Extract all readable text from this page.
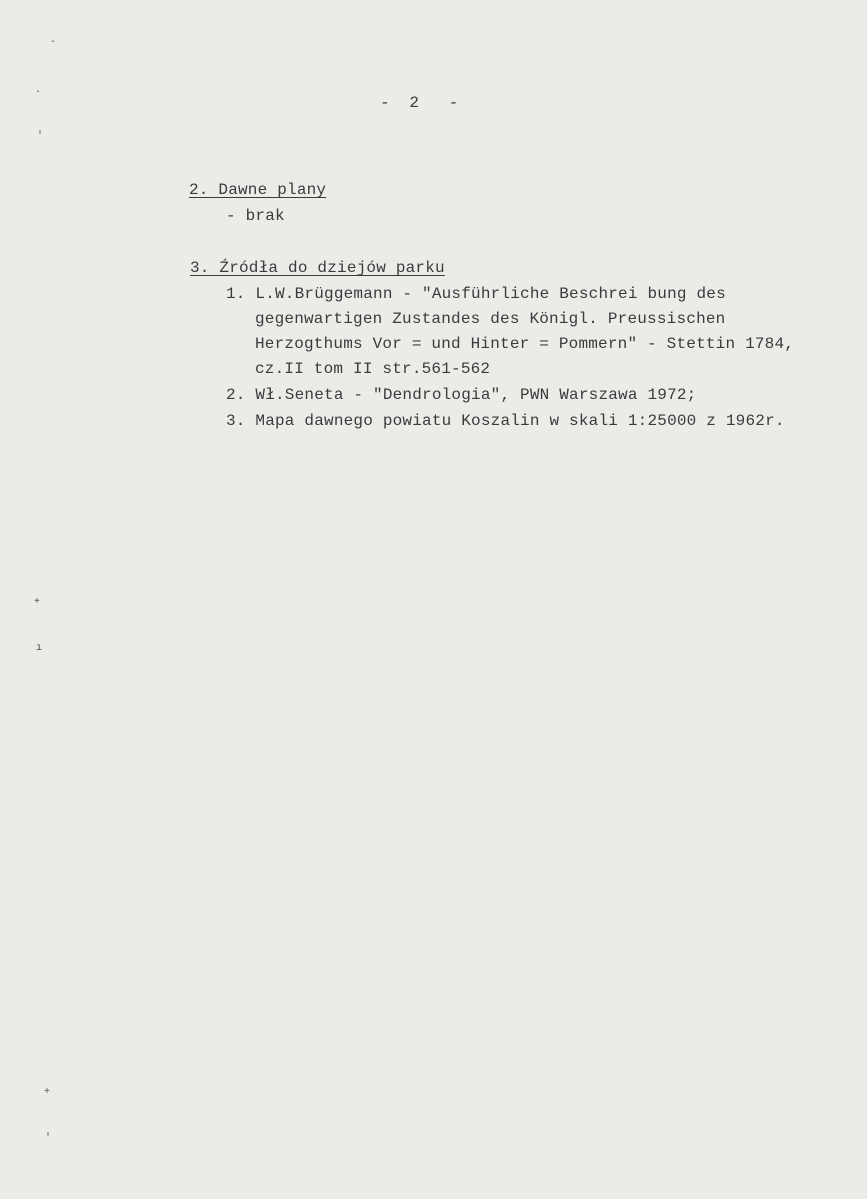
-
·
'
+
ı
+
'
-  2   -
2. Dawne plany
- brak
3. Źródła do dziejów parku
1. L.W.Brüggemann - "Ausführliche Beschrei bung des
gegenwartigen Zustandes des Königl. Preussischen
Herzogthums Vor = und Hinter = Pommern" - Stettin 1784,
cz.II tom II str.561-562
2. Wł.Seneta - "Dendrologia", PWN Warszawa 1972;
3. Mapa dawnego powiatu Koszalin w skali 1:25000 z 1962r.
